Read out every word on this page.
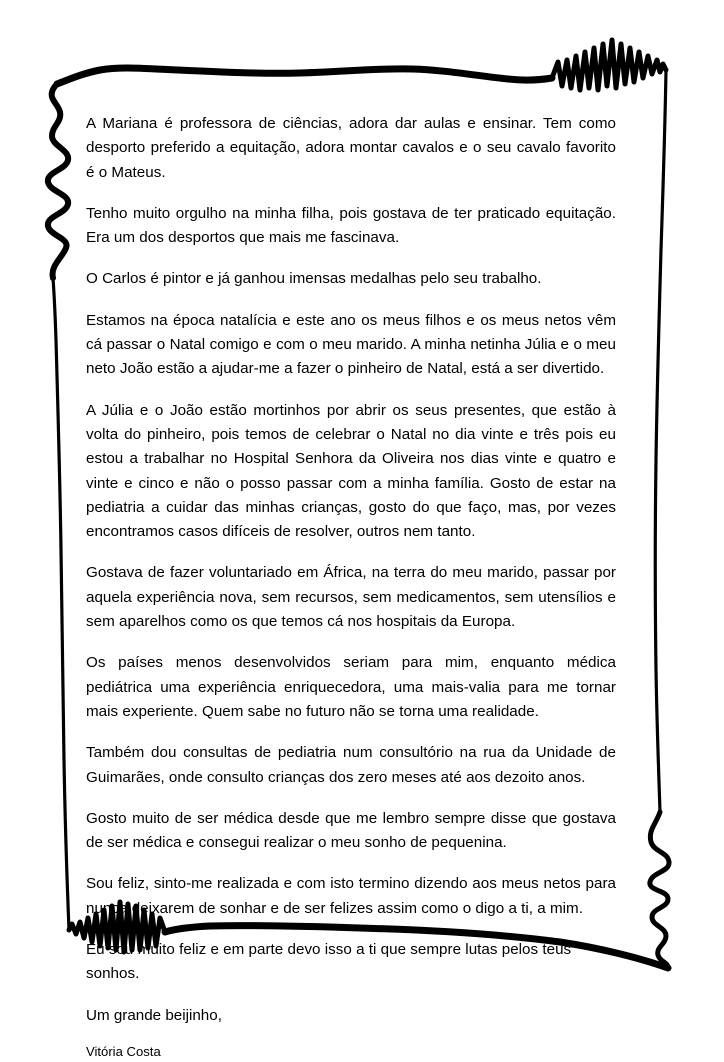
A Mariana é professora de ciências, adora dar aulas e ensinar. Tem como desporto preferido a equitação, adora montar cavalos e o seu cavalo favorito é o Mateus.

Tenho muito orgulho na minha filha, pois gostava de ter praticado equitação. Era um dos desportos que mais me fascinava.

O Carlos é pintor e já ganhou imensas medalhas pelo seu trabalho.

Estamos na época natalícia e este ano os meus filhos e os meus netos vêm cá passar o Natal comigo e com o meu marido. A minha netinha Júlia e o meu neto João estão a ajudar-me a fazer o pinheiro de Natal, está a ser divertido.

A Júlia e o João estão mortinhos por abrir os seus presentes, que estão à volta do pinheiro, pois temos de celebrar o Natal no dia vinte e três pois eu estou a trabalhar no Hospital Senhora da Oliveira nos dias vinte e quatro e vinte e cinco e não o posso passar com a minha família. Gosto de estar na pediatria a cuidar das minhas crianças, gosto do que faço, mas, por vezes encontramos casos difíceis de resolver, outros nem tanto.

Gostava de fazer voluntariado em África, na terra do meu marido, passar por aquela experiência nova, sem recursos, sem medicamentos, sem utensílios e sem aparelhos como os que temos cá nos hospitais da Europa.

Os países menos desenvolvidos seriam para mim, enquanto médica pediátrica uma experiência enriquecedora, uma mais-valia para me tornar mais experiente. Quem sabe no futuro não se torna uma realidade.

Também dou consultas de pediatria num consultório na rua da Unidade de Guimarães, onde consulto crianças dos zero meses até aos dezoito anos.

Gosto muito de ser médica desde que me lembro sempre disse que gostava de ser médica e consegui realizar o meu sonho de pequenina.

Sou feliz, sinto-me realizada e com isto termino dizendo aos meus netos para nunca deixarem de sonhar e de ser felizes assim como o digo a ti, a mim.

Eu sou muito feliz e em parte devo isso a ti que sempre lutas pelos teus sonhos.

Um grande beijinho,

Vitória Costa
